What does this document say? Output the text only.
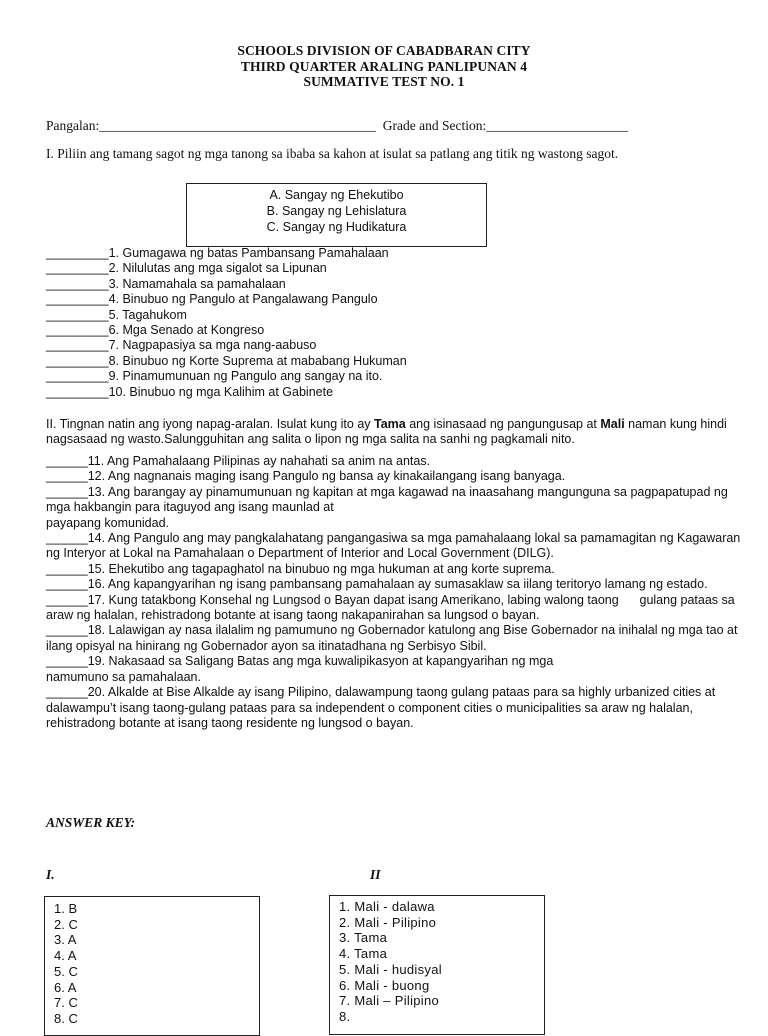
SCHOOLS DIVISION OF CABADBARAN CITY
THIRD QUARTER ARALING PANLIPUNAN 4
SUMMATIVE TEST NO. 1
Pangalan:_________________________________________  Grade and Section:_____________________
I. Piliin ang tamang sagot ng mga tanong sa ibaba sa kahon at isulat sa patlang ang titik ng wastong sagot.
A. Sangay ng Ehekutibo
B. Sangay ng Lehislatura
C. Sangay ng Hudikatura
_________1. Gumagawa ng batas Pambansang Pamahalaan
_________2. Nilulutas ang mga sigalot sa Lipunan
_________3. Namamahala sa pamahalaan
_________4. Binubuo ng Pangulo at Pangalawang Pangulo
_________5. Tagahukom
_________6. Mga Senado at Kongreso
_________7. Nagpapasiya sa mga nang-aabuso
_________8. Binubuo ng Korte Suprema at mababang Hukuman
_________9. Pinamumunuan ng Pangulo ang sangay na ito.
_________10. Binubuo ng mga Kalihim at Gabinete
II. Tingnan natin ang iyong napag-aralan. Isulat kung ito ay Tama ang isinasaad ng pangungusap at Mali naman kung hindi nagsasaad ng wasto.Salungguhitan ang salita o lipon ng mga salita na sanhi ng pagkamali nito.
______11. Ang Pamahalaang Pilipinas ay nahahati sa anim na antas.
______12. Ang nagnanais maging isang Pangulo ng bansa ay kinakailangang isang banyaga.
______13. Ang barangay ay pinamumunuan ng kapitan at mga kagawad na inaasahang mangunguna sa pagpapatupad ng mga hakbangin para itaguyod ang isang maunlad at
payapang komunidad.
______14. Ang Pangulo ang may pangkalahatang pangangasiwa sa mga pamahalaang lokal sa pamamagitan ng Kagawaran ng Interyor at Lokal na Pamahalaan o Department of Interior and Local Government (DILG).
______15. Ehekutibo ang tagapaghatol na binubuo ng mga hukuman at ang korte suprema.
______16. Ang kapangyarihan ng isang pambansang pamahalaan ay sumasaklaw sa iilang teritoryo lamang ng estado.
______17. Kung tatakbong Konsehal ng Lungsod o Bayan dapat isang Amerikano, labing walong taong      gulang pataas sa araw ng halalan, rehistradong botante at isang taong nakapanirahan sa lungsod o bayan.
______18. Lalawigan ay nasa ilalalim ng pamumuno ng Gobernador katulong ang Bise Gobernador na inihalal ng mga tao at ilang opisyal na hinirang ng Gobernador ayon sa itinatadhana ng Serbisyo Sibil.
______19. Nakasaad sa Saligang Batas ang mga kuwalipikasyon at kapangyarihan ng mga
namumuno sa pamahalaan.
______20. Alkalde at Bise Alkalde ay isang Pilipino, dalawampung taong gulang pataas para sa highly urbanized cities at dalawampu’t isang taong-gulang pataas para sa independent o component cities o municipalities sa araw ng halalan, rehistradong botante at isang taong residente ng lungsod o bayan.
ANSWER KEY:
I.	II
1. B
2. C
3. A
4. A
5. C
6. A
7. C
8. C
1. Mali - dalawa
2. Mali - Pilipino
3. Tama
4. Tama
5. Mali - hudisyal
6. Mali - buong
7. Mali – Pilipino
8.
